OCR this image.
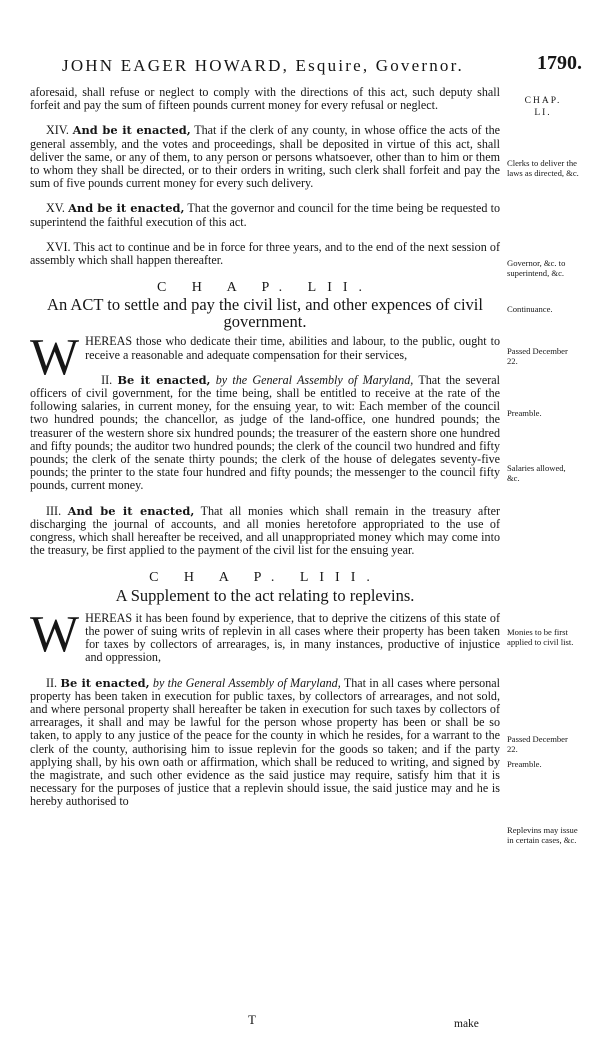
JOHN EAGER HOWARD, Esquire, Governor.	1790.
CHAP.
LI.
Clerks to deliver the laws as directed, &c.
Governor, &c. to superintend, &c.
Continuance.
Passed December 22.
Preamble.
Salaries allowed, &c.
Monies to be first applied to civil list.
Passed December 22.
Preamble.
Replevins may issue in certain cases, &c.

aforesaid, shall refuse or neglect to comply with the directions of this act, such deputy shall forfeit and pay the sum of fifteen pounds current money for every refusal or neglect.

XIV. And be it enacted, That if the clerk of any county, in whose office the acts of the general assembly, and the votes and proceedings, shall be deposited in virtue of this act, shall deliver the same, or any of them, to any person or persons whatsoever, other than to him or them to whom they shall be directed, or to their orders in writing, such clerk shall forfeit and pay the sum of five pounds current money for every such delivery.

XV. And be it enacted, That the governor and council for the time being be requested to superintend the faithful execution of this act.

XVI. This act to continue and be in force for three years, and to the end of the next session of assembly which shall happen thereafter.

C H A P. LII.
An ACT to settle and pay the civil list, and other expences of civil government.

WHEREAS those who dedicate their time, abilities and labour, to the public, ought to receive a reasonable and adequate compensation for their services,

II. Be it enacted, by the General Assembly of Maryland, That the several officers of civil government, for the time being, shall be entitled to receive at the rate of the following salaries, in current money, for the ensuing year, to wit: Each member of the council two hundred pounds; the chancellor, as judge of the land-office, one hundred pounds; the treasurer of the western shore six hundred pounds; the treasurer of the eastern shore one hundred and fifty pounds; the auditor two hundred pounds; the clerk of the council two hundred and fifty pounds; the clerk of the senate thirty pounds; the clerk of the house of delegates seventy-five pounds; the printer to the state four hundred and fifty pounds; the messenger to the council fifty pounds, current money.

III. And be it enacted, That all monies which shall remain in the treasury after discharging the journal of accounts, and all monies heretofore appropriated to the use of congress, which shall hereafter be received, and all unappropriated money which may come into the treasury, be first applied to the payment of the civil list for the ensuing year.

C H A P. LIII.
A Supplement to the act relating to replevins.

WHEREAS it has been found by experience, that to deprive the citizens of this state of the power of suing writs of replevin in all cases where their property has been taken for taxes by collectors of arrearages, is, in many instances, productive of injustice and oppression,

II. Be it enacted, by the General Assembly of Maryland, That in all cases where personal property has been taken in execution for public taxes, by collectors of arrearages, and not sold, and where personal property shall hereafter be taken in execution for such taxes by collectors of arrearages, it shall and may be lawful for the person whose property has been or shall be so taken, to apply to any justice of the peace for the county in which he resides, for a warrant to the clerk of the county, authorising him to issue replevin for the goods so taken; and if the party applying shall, by his own oath or affirmation, which shall be reduced to writing, and signed by the magistrate, and such other evidence as the said justice may require, satisfy him that it is necessary for the purposes of justice that a replevin should issue, the said justice may and he is hereby authorised to

T	make
